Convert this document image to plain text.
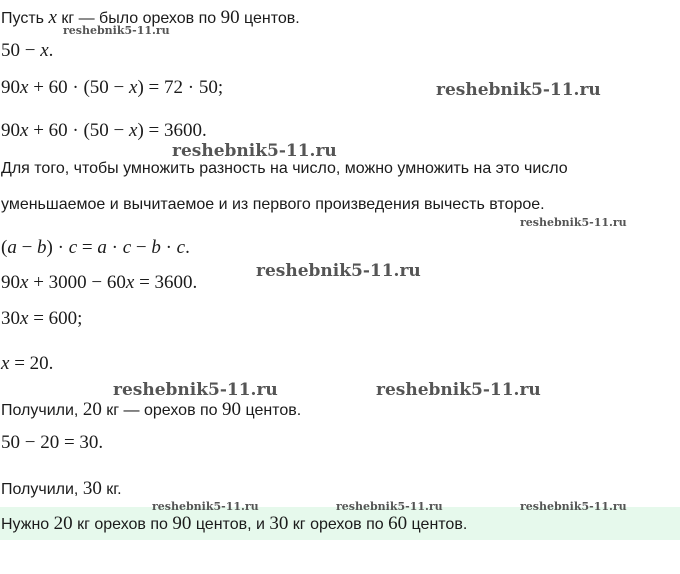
Пусть x кг — было орехов по 90 центов.
50 − x.
90x + 60 · (50 − x) = 72 · 50;
90x + 60 · (50 − x) = 3600.
Для того, чтобы умножить разность на число, можно умножить на это число
уменьшаемое и вычитаемое и из первого произведения вычесть второе.
(a − b) · c = a · c − b · c.
90x + 3000 − 60x = 3600.
30x = 600;
x = 20.
Получили, 20 кг — орехов по 90 центов.
50 − 20 = 30.
Получили, 30 кг.
Нужно 20 кг орехов по 90 центов, и 30 кг орехов по 60 центов.
reshebnik5-11.ru
reshebnik5-11.ru
reshebnik5-11.ru
reshebnik5-11.ru
reshebnik5-11.ru
reshebnik5-11.ru	reshebnik5-11.ru
reshebnik5-11.ru	reshebnik5-11.ru	reshebnik5-11.ru
